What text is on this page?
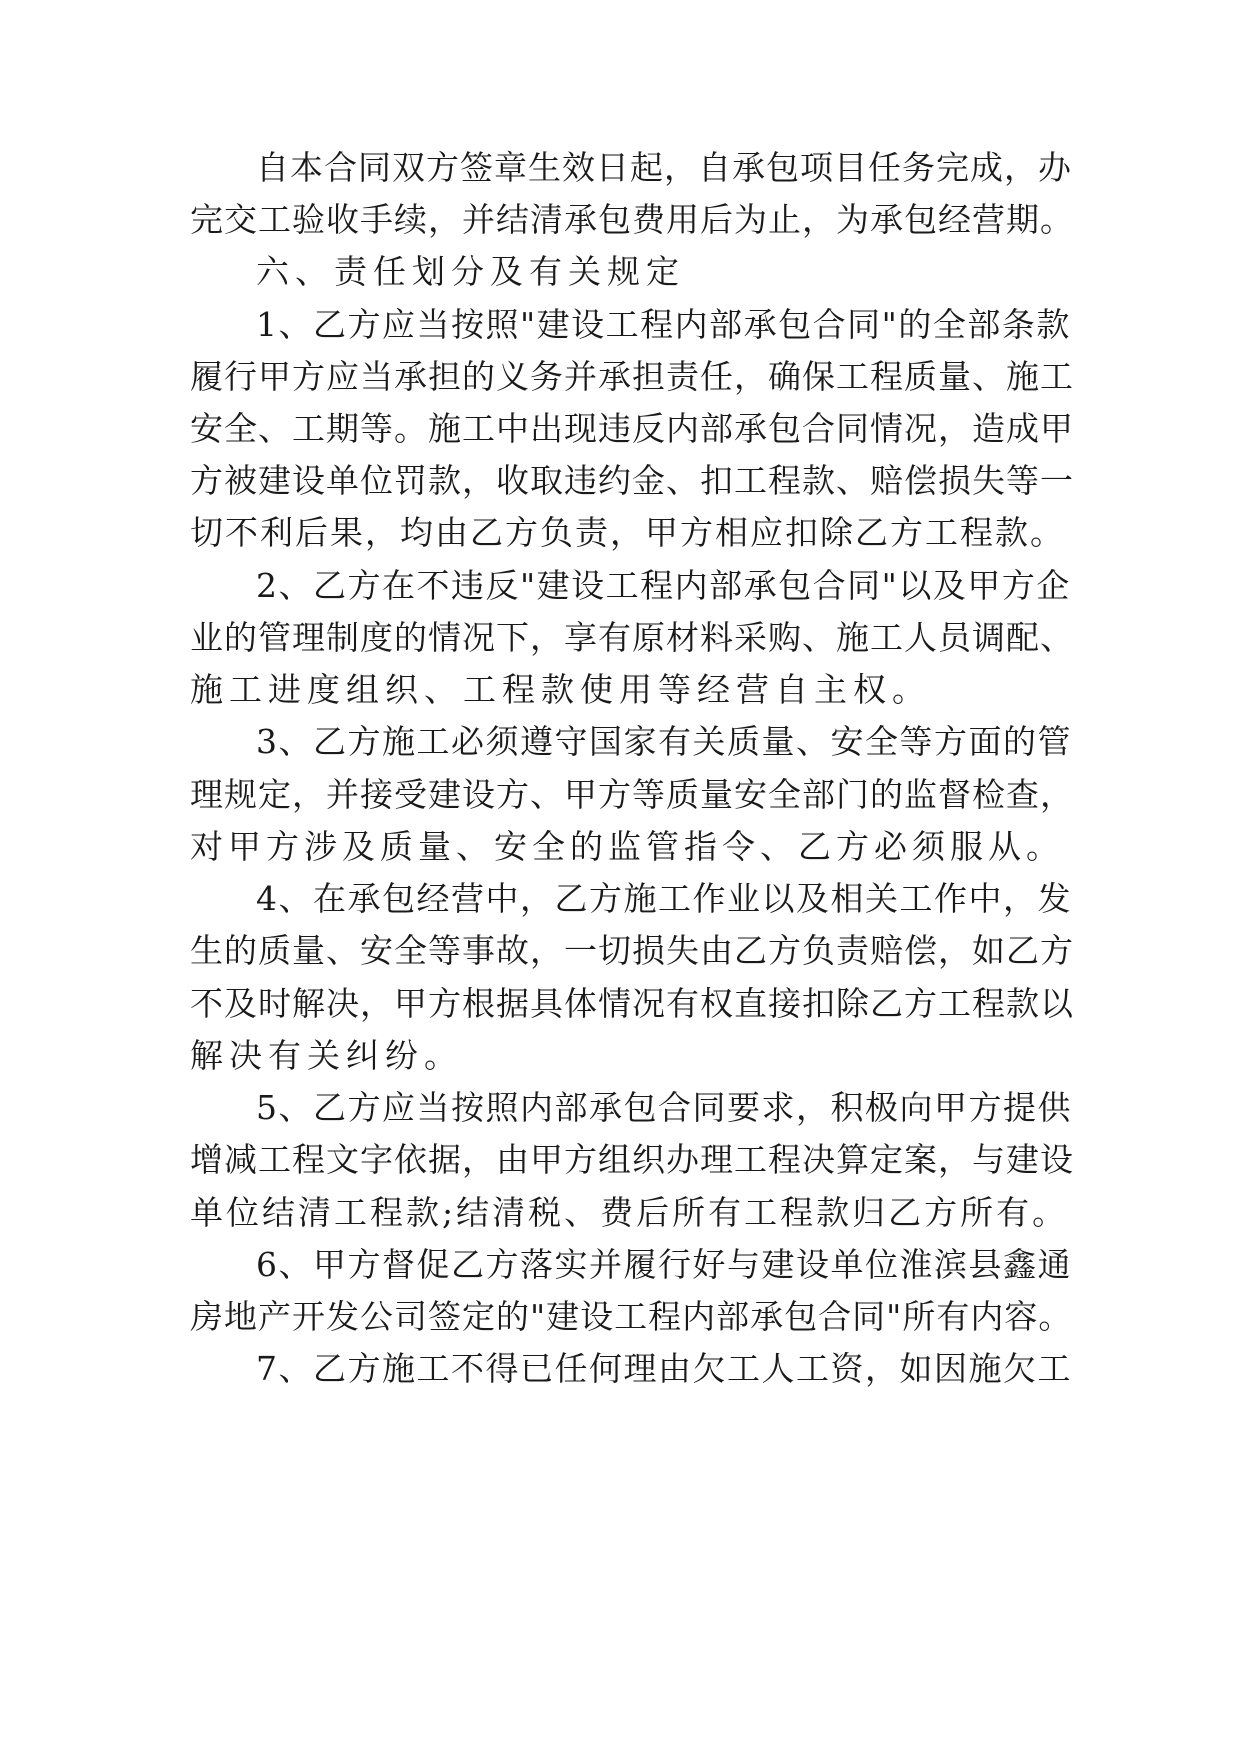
自本合同双方签章生效日起，自承包项目任务完成，办
完交工验收手续，并结清承包费用后为止，为承包经营期。
六、责任划分及有关规定
1、乙方应当按照"建设工程内部承包合同"的全部条款
履行甲方应当承担的义务并承担责任，确保工程质量、施工
安全、工期等。施工中出现违反内部承包合同情况，造成甲
方被建设单位罚款，收取违约金、扣工程款、赔偿损失等一
切不利后果，均由乙方负责，甲方相应扣除乙方工程款。
2、乙方在不违反"建设工程内部承包合同"以及甲方企
业的管理制度的情况下，享有原材料采购、施工人员调配、
施工进度组织、工程款使用等经营自主权。
3、乙方施工必须遵守国家有关质量、安全等方面的管
理规定，并接受建设方、甲方等质量安全部门的监督检查，
对甲方涉及质量、安全的监管指令、乙方必须服从。
4、在承包经营中，乙方施工作业以及相关工作中，发
生的质量、安全等事故，一切损失由乙方负责赔偿，如乙方
不及时解决，甲方根据具体情况有权直接扣除乙方工程款以
解决有关纠纷。
5、乙方应当按照内部承包合同要求，积极向甲方提供
增减工程文字依据，由甲方组织办理工程决算定案，与建设
单位结清工程款;结清税、费后所有工程款归乙方所有。
6、甲方督促乙方落实并履行好与建设单位淮滨县鑫通
房地产开发公司签定的"建设工程内部承包合同"所有内容。
7、乙方施工不得已任何理由欠工人工资，如因施欠工
